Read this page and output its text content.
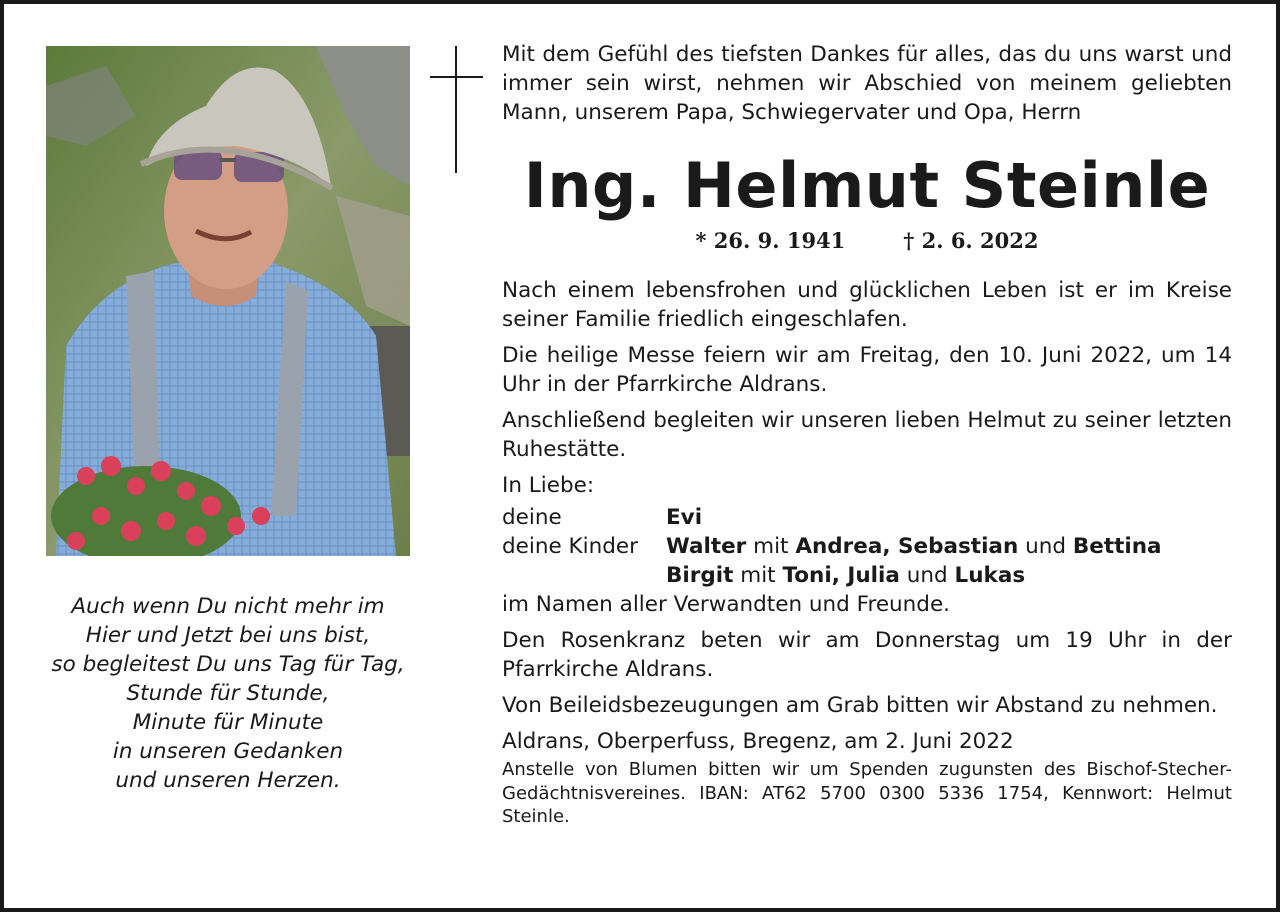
Auch wenn Du nicht mehr im
Hier und Jetzt bei uns bist,
so begleitest Du uns Tag für Tag,
Stunde für Stunde,
Minute für Minute
in unseren Gedanken
und unseren Herzen.

Mit dem Gefühl des tiefsten Dankes für alles, das du uns warst und immer sein wirst, nehmen wir Abschied von meinem geliebten Mann, unserem Papa, Schwiegervater und Opa, Herrn

Ing. Helmut Steinle
* 26. 9. 1941	† 2. 6. 2022

Nach einem lebensfrohen und glücklichen Leben ist er im Kreise seiner Familie friedlich eingeschlafen.

Die heilige Messe feiern wir am Freitag, den 10. Juni 2022, um 14 Uhr in der Pfarrkirche Aldrans.

Anschließend begleiten wir unseren lieben Helmut zu seiner letzten Ruhestätte.

In Liebe:

deine	Evi
deine Kinder	Walter mit Andrea, Sebastian und Bettina
Birgit mit Toni, Julia und Lukas

im Namen aller Verwandten und Freunde.

Den Rosenkranz beten wir am Donnerstag um 19 Uhr in der Pfarrkirche Aldrans.

Von Beileidsbezeugungen am Grab bitten wir Abstand zu nehmen.

Aldrans, Oberperfuss, Bregenz, am 2. Juni 2022

Anstelle von Blumen bitten wir um Spenden zugunsten des Bischof-Stecher-Gedächtnisvereines. IBAN: AT62 5700 0300 5336 1754, Kennwort: Helmut Steinle.
